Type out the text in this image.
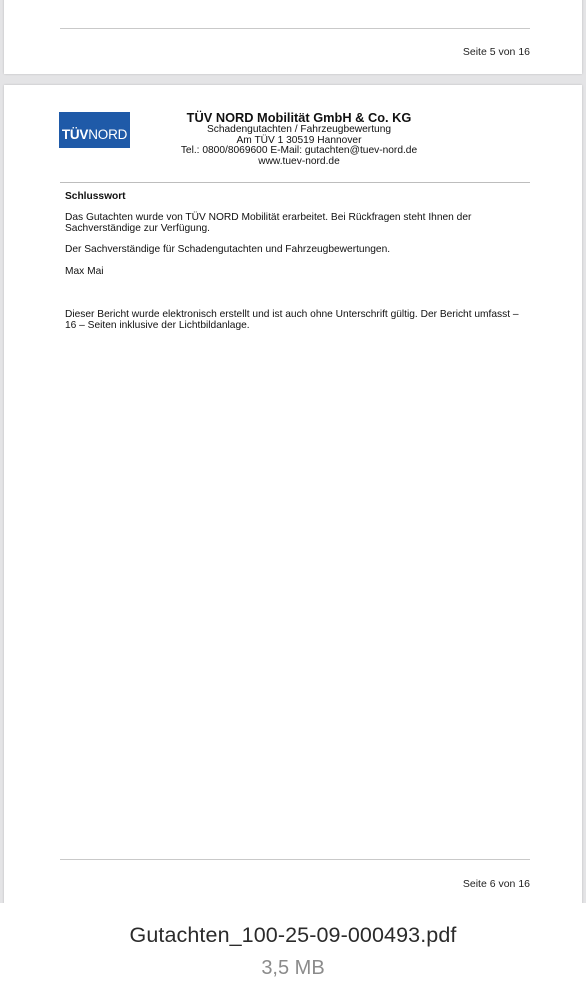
Seite 5 von 16
TÜVNORD
TÜV NORD Mobilität GmbH & Co. KG
Schadengutachten / Fahrzeugbewertung
Am TÜV 1 30519 Hannover
Tel.: 0800/8069600 E-Mail: gutachten@tuev-nord.de
www.tuev-nord.de

Schlusswort

Das Gutachten wurde von TÜV NORD Mobilität erarbeitet. Bei Rückfragen steht Ihnen der Sachverständige zur Verfügung.

Der Sachverständige für Schadengutachten und Fahrzeugbewertungen.

Max Mai

Dieser Bericht wurde elektronisch erstellt und ist auch ohne Unterschrift gültig. Der Bericht umfasst – 16 – Seiten inklusive der Lichtbildanlage.

Seite 6 von 16
Gutachten_100-25-09-000493.pdf
3,5 MB
